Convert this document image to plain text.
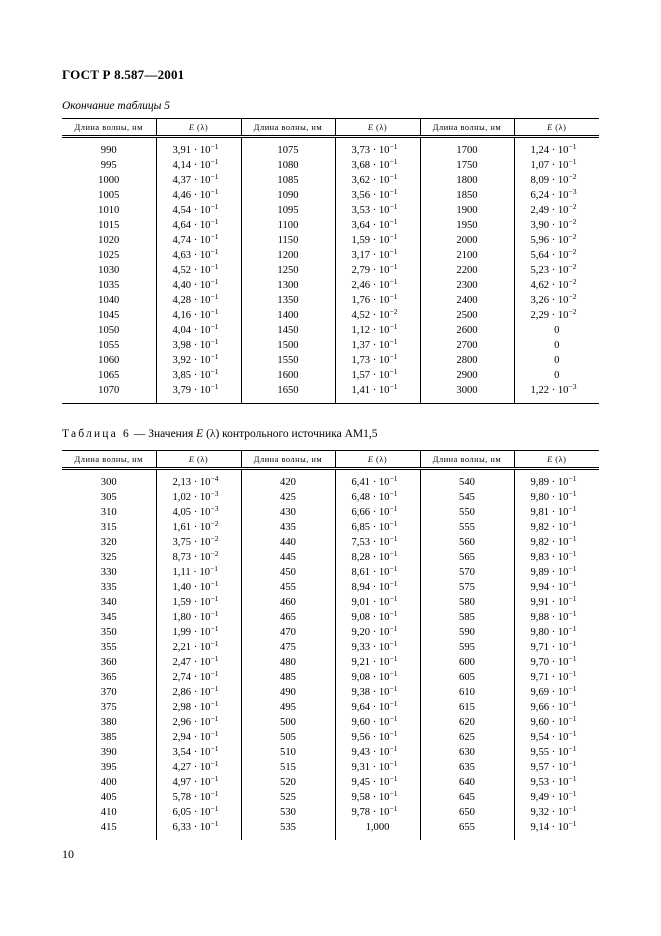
ГОСТ Р 8.587—2001
Окончание таблицы 5
Длина волны, нм	E (λ)	Длина волны, нм	E (λ)	Длина волны, нм	E (λ)

990	$3,91 \cdot 10^{-1}$	1075	$3,73 \cdot 10^{-1}$	1700	$1,24 \cdot 10^{-1}$
995	$4,14 \cdot 10^{-1}$	1080	$3,68 \cdot 10^{-1}$	1750	$1,07 \cdot 10^{-1}$
1000	$4,37 \cdot 10^{-1}$	1085	$3,62 \cdot 10^{-1}$	1800	$8,09 \cdot 10^{-2}$
1005	$4,46 \cdot 10^{-1}$	1090	$3,56 \cdot 10^{-1}$	1850	$6,24 \cdot 10^{-3}$
1010	$4,54 \cdot 10^{-1}$	1095	$3,53 \cdot 10^{-1}$	1900	$2,49 \cdot 10^{-2}$
1015	$4,64 \cdot 10^{-1}$	1100	$3,64 \cdot 10^{-1}$	1950	$3,90 \cdot 10^{-2}$
1020	$4,74 \cdot 10^{-1}$	1150	$1,59 \cdot 10^{-1}$	2000	$5,96 \cdot 10^{-2}$
1025	$4,63 \cdot 10^{-1}$	1200	$3,17 \cdot 10^{-1}$	2100	$5,64 \cdot 10^{-2}$
1030	$4,52 \cdot 10^{-1}$	1250	$2,79 \cdot 10^{-1}$	2200	$5,23 \cdot 10^{-2}$
1035	$4,40 \cdot 10^{-1}$	1300	$2,46 \cdot 10^{-1}$	2300	$4,62 \cdot 10^{-2}$
1040	$4,28 \cdot 10^{-1}$	1350	$1,76 \cdot 10^{-1}$	2400	$3,26 \cdot 10^{-2}$
1045	$4,16 \cdot 10^{-1}$	1400	$4,52 \cdot 10^{-2}$	2500	$2,29 \cdot 10^{-2}$
1050	$4,04 \cdot 10^{-1}$	1450	$1,12 \cdot 10^{-1}$	2600	0
1055	$3,98 \cdot 10^{-1}$	1500	$1,37 \cdot 10^{-1}$	2700	0
1060	$3,92 \cdot 10^{-1}$	1550	$1,73 \cdot 10^{-1}$	2800	0
1065	$3,85 \cdot 10^{-1}$	1600	$1,57 \cdot 10^{-1}$	2900	0
1070	$3,79 \cdot 10^{-1}$	1650	$1,41 \cdot 10^{-1}$	3000	$1,22 \cdot 10^{-3}$

Таблица 6 — Значения E (λ) контрольного источника АМ1,5
Длина волны, нм	E (λ)	Длина волны, нм	E (λ)	Длина волны, нм	E (λ)

300	$2,13 \cdot 10^{-4}$	420	$6,41 \cdot 10^{-1}$	540	$9,89 \cdot 10^{-1}$
305	$1,02 \cdot 10^{-3}$	425	$6,48 \cdot 10^{-1}$	545	$9,80 \cdot 10^{-1}$
310	$4,05 \cdot 10^{-3}$	430	$6,66 \cdot 10^{-1}$	550	$9,81 \cdot 10^{-1}$
315	$1,61 \cdot 10^{-2}$	435	$6,85 \cdot 10^{-1}$	555	$9,82 \cdot 10^{-1}$
320	$3,75 \cdot 10^{-2}$	440	$7,53 \cdot 10^{-1}$	560	$9,82 \cdot 10^{-1}$
325	$8,73 \cdot 10^{-2}$	445	$8,28 \cdot 10^{-1}$	565	$9,83 \cdot 10^{-1}$
330	$1,11 \cdot 10^{-1}$	450	$8,61 \cdot 10^{-1}$	570	$9,89 \cdot 10^{-1}$
335	$1,40 \cdot 10^{-1}$	455	$8,94 \cdot 10^{-1}$	575	$9,94 \cdot 10^{-1}$
340	$1,59 \cdot 10^{-1}$	460	$9,01 \cdot 10^{-1}$	580	$9,91 \cdot 10^{-1}$
345	$1,80 \cdot 10^{-1}$	465	$9,08 \cdot 10^{-1}$	585	$9,88 \cdot 10^{-1}$
350	$1,99 \cdot 10^{-1}$	470	$9,20 \cdot 10^{-1}$	590	$9,80 \cdot 10^{-1}$
355	$2,21 \cdot 10^{-1}$	475	$9,33 \cdot 10^{-1}$	595	$9,71 \cdot 10^{-1}$
360	$2,47 \cdot 10^{-1}$	480	$9,21 \cdot 10^{-1}$	600	$9,70 \cdot 10^{-1}$
365	$2,74 \cdot 10^{-1}$	485	$9,08 \cdot 10^{-1}$	605	$9,71 \cdot 10^{-1}$
370	$2,86 \cdot 10^{-1}$	490	$9,38 \cdot 10^{-1}$	610	$9,69 \cdot 10^{-1}$
375	$2,98 \cdot 10^{-1}$	495	$9,64 \cdot 10^{-1}$	615	$9,66 \cdot 10^{-1}$
380	$2,96 \cdot 10^{-1}$	500	$9,60 \cdot 10^{-1}$	620	$9,60 \cdot 10^{-1}$
385	$2,94 \cdot 10^{-1}$	505	$9,56 \cdot 10^{-1}$	625	$9,54 \cdot 10^{-1}$
390	$3,54 \cdot 10^{-1}$	510	$9,43 \cdot 10^{-1}$	630	$9,55 \cdot 10^{-1}$
395	$4,27 \cdot 10^{-1}$	515	$9,31 \cdot 10^{-1}$	635	$9,57 \cdot 10^{-1}$
400	$4,97 \cdot 10^{-1}$	520	$9,45 \cdot 10^{-1}$	640	$9,53 \cdot 10^{-1}$
405	$5,78 \cdot 10^{-1}$	525	$9,58 \cdot 10^{-1}$	645	$9,49 \cdot 10^{-1}$
410	$6,05 \cdot 10^{-1}$	530	$9,78 \cdot 10^{-1}$	650	$9,32 \cdot 10^{-1}$
415	$6,33 \cdot 10^{-1}$	535	1,000	655	$9,14 \cdot 10^{-1}$

10
